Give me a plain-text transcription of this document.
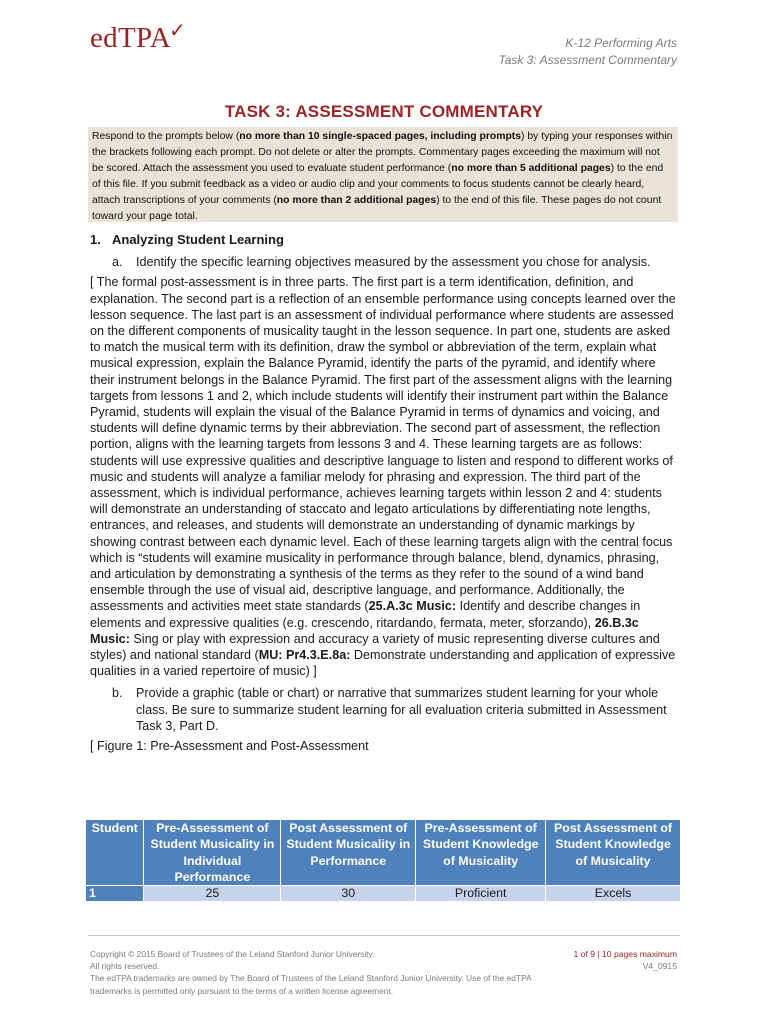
edTPA✓
K-12 Performing Arts
Task 3: Assessment Commentary
TASK 3: ASSESSMENT COMMENTARY
Respond to the prompts below (no more than 10 single-spaced pages, including prompts) by typing your responses within the brackets following each prompt. Do not delete or alter the prompts. Commentary pages exceeding the maximum will not be scored. Attach the assessment you used to evaluate student performance (no more than 5 additional pages) to the end of this file. If you submit feedback as a video or audio clip and your comments to focus students cannot be clearly heard, attach transcriptions of your comments (no more than 2 additional pages) to the end of this file. These pages do not count toward your page total.
1. Analyzing Student Learning
a.	Identify the specific learning objectives measured by the assessment you chose for analysis.
[ The formal post-assessment is in three parts. The first part is a term identification, definition, and explanation. The second part is a reflection of an ensemble performance using concepts learned over the lesson sequence. The last part is an assessment of individual performance where students are assessed on the different components of musicality taught in the lesson sequence. In part one, students are asked to match the musical term with its definition, draw the symbol or abbreviation of the term, explain what musical expression, explain the Balance Pyramid, identify the parts of the pyramid, and identify where their instrument belongs in the Balance Pyramid. The first part of the assessment aligns with the learning targets from lessons 1 and 2, which include students will identify their instrument part within the Balance Pyramid, students will explain the visual of the Balance Pyramid in terms of dynamics and voicing, and students will define dynamic terms by their abbreviation. The second part of assessment, the reflection portion, aligns with the learning targets from lessons 3 and 4. These learning targets are as follows: students will use expressive qualities and descriptive language to listen and respond to different works of music and students will analyze a familiar melody for phrasing and expression. The third part of the assessment, which is individual performance, achieves learning targets within lesson 2 and 4: students will demonstrate an understanding of staccato and legato articulations by differentiating note lengths, entrances, and releases, and students will demonstrate an understanding of dynamic markings by showing contrast between each dynamic level. Each of these learning targets align with the central focus which is “students will examine musicality in performance through balance, blend, dynamics, phrasing, and articulation by demonstrating a synthesis of the terms as they refer to the sound of a wind band ensemble through the use of visual aid, descriptive language, and performance. Additionally, the assessments and activities meet state standards (25.A.3c Music: Identify and describe changes in elements and expressive qualities (e.g. crescendo, ritardando, fermata, meter, sforzando), 26.B.3c Music: Sing or play with expression and accuracy a variety of music representing diverse cultures and styles) and national standard (MU: Pr4.3.E.8a: Demonstrate understanding and application of expressive qualities in a varied repertoire of music) ]
b.	Provide a graphic (table or chart) or narrative that summarizes student learning for your whole class. Be sure to summarize student learning for all evaluation criteria submitted in Assessment Task 3, Part D.
[ Figure 1: Pre-Assessment and Post-Assessment
Student	Pre-Assessment of Student Musicality in Individual Performance	Post Assessment of Student Musicality in Performance	Pre-Assessment of Student Knowledge of Musicality	Post Assessment of Student Knowledge of Musicality
1	25	30	Proficient	Excels
Copyright © 2015 Board of Trustees of the Leland Stanford Junior University.
All rights reserved.
The edTPA trademarks are owned by The Board of Trustees of the Leland Stanford Junior University. Use of the edTPA trademarks is permitted only pursuant to the terms of a written license agreement.
1 of 9 | 10 pages maximum
V4_0915
